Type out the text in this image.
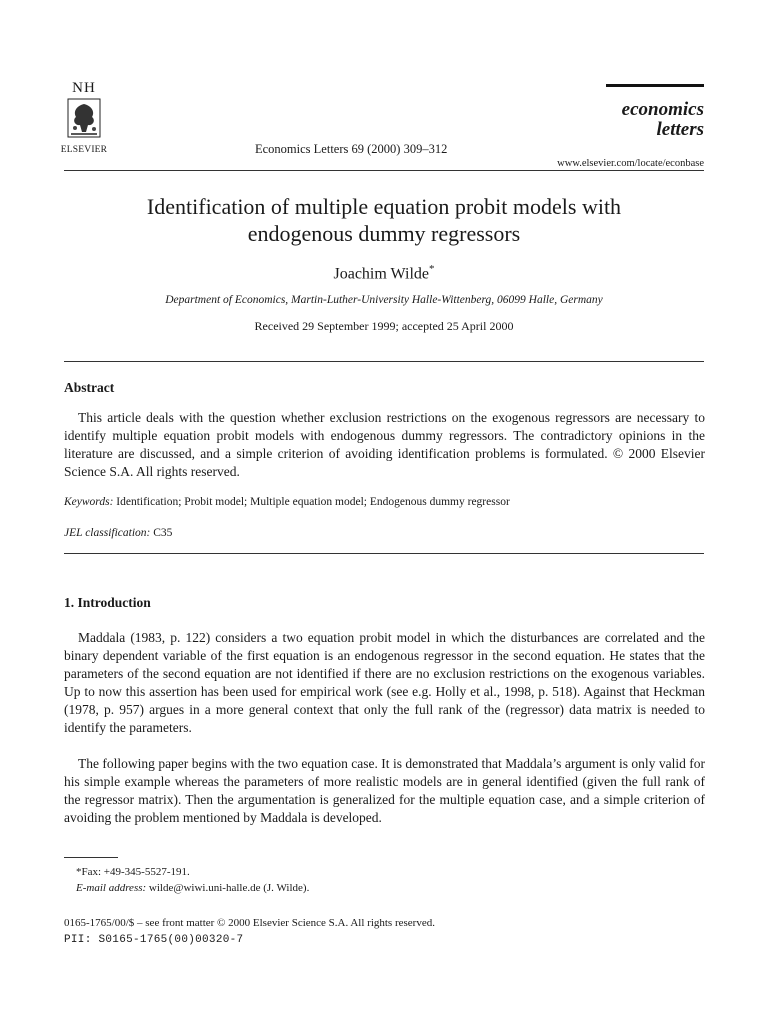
NH
ELSEVIER	Economics Letters 69 (2000) 309–312
economics
letters
www.elsevier.com/locate/econbase
Identification of multiple equation probit models with
endogenous dummy regressors
Joachim Wilde*
Department of Economics, Martin-Luther-University Halle-Wittenberg, 06099 Halle, Germany
Received 29 September 1999; accepted 25 April 2000
Abstract
This article deals with the question whether exclusion restrictions on the exogenous regressors are necessary to identify multiple equation probit models with endogenous dummy regressors. The contradictory opinions in the literature are discussed, and a simple criterion of avoiding identification problems is formulated. © 2000 Elsevier Science S.A. All rights reserved.
Keywords: Identification; Probit model; Multiple equation model; Endogenous dummy regressor
JEL classification: C35
1. Introduction
Maddala (1983, p. 122) considers a two equation probit model in which the disturbances are correlated and the binary dependent variable of the first equation is an endogenous regressor in the second equation. He states that the parameters of the second equation are not identified if there are no exclusion restrictions on the exogenous variables. Up to now this assertion has been used for empirical work (see e.g. Holly et al., 1998, p. 518). Against that Heckman (1978, p. 957) argues in a more general context that only the full rank of the (regressor) data matrix is needed to identify the parameters.
The following paper begins with the two equation case. It is demonstrated that Maddala’s argument is only valid for his simple example whereas the parameters of more realistic models are in general identified (given the full rank of the regressor matrix). Then the argumentation is generalized for the multiple equation case, and a simple criterion of avoiding the problem mentioned by Maddala is developed.
*Fax: +49-345-5527-191.
E-mail address: wilde@wiwi.uni-halle.de (J. Wilde).
0165-1765/00/$ – see front matter © 2000 Elsevier Science S.A. All rights reserved.
PII: S0165-1765(00)00320-7
